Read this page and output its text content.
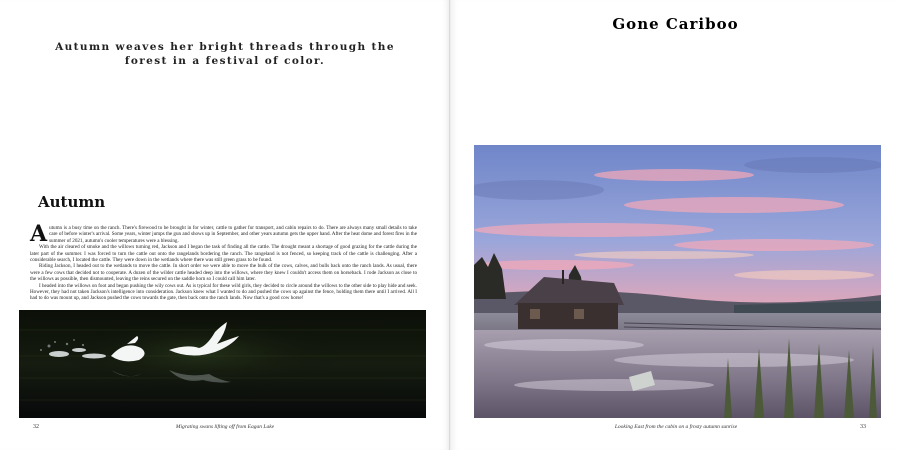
Autumn weaves her bright threads through the forest in a festival of color.
Autumn

Autumn is a busy time on the ranch. There's firewood to be brought in for winter, cattle to gather for transport, and cabin repairs to do. There are always many small details to take care of before winter's arrival. Some years, winter jumps the gun and shows up in September, and other years autumn gets the upper hand. After the heat dome and forest fires in the summer of 2021, autumn's cooler temperatures were a blessing.

With the air cleared of smoke and the willows turning red, Jackson and I began the task of finding all the cattle. The drought meant a shortage of good grazing for the cattle during the later part of the summer. I was forced to turn the cattle out onto the rangelands bordering the ranch. The rangeland is not fenced, so keeping track of the cattle is challenging. After a considerable search, I located the cattle. They were down in the wetlands where there was still green grass to be found.

Riding Jackson, I headed out to the wetlands to move the cattle. In short order we were able to move the bulk of the cows, calves, and bulls back onto the ranch lands. As usual, there were a few cows that decided not to cooperate. A dozen of the wilder cattle headed deep into the willows, where they knew I couldn't access them on horseback. I rode Jackson as close to the willows as possible, then dismounted, leaving the reins secured on the saddle horn so I could call him later.

I headed into the willows on foot and began pushing the wily cows out. As is typical for these wild girls, they decided to circle around the willows to the other side to play hide and seek. However, they had not taken Jackson's intelligence into consideration. Jackson knew what I wanted to do and pushed the cows up against the fence, holding them there until I arrived. All I had to do was mount up, and Jackson pushed the cows towards the gate, then back onto the ranch lands. Now that's a good cow horse!

32	Migrating swans lifting off from Eagan Lake
Gone Cariboo
Looking East from the cabin on a frosty autumn sunrise	33
